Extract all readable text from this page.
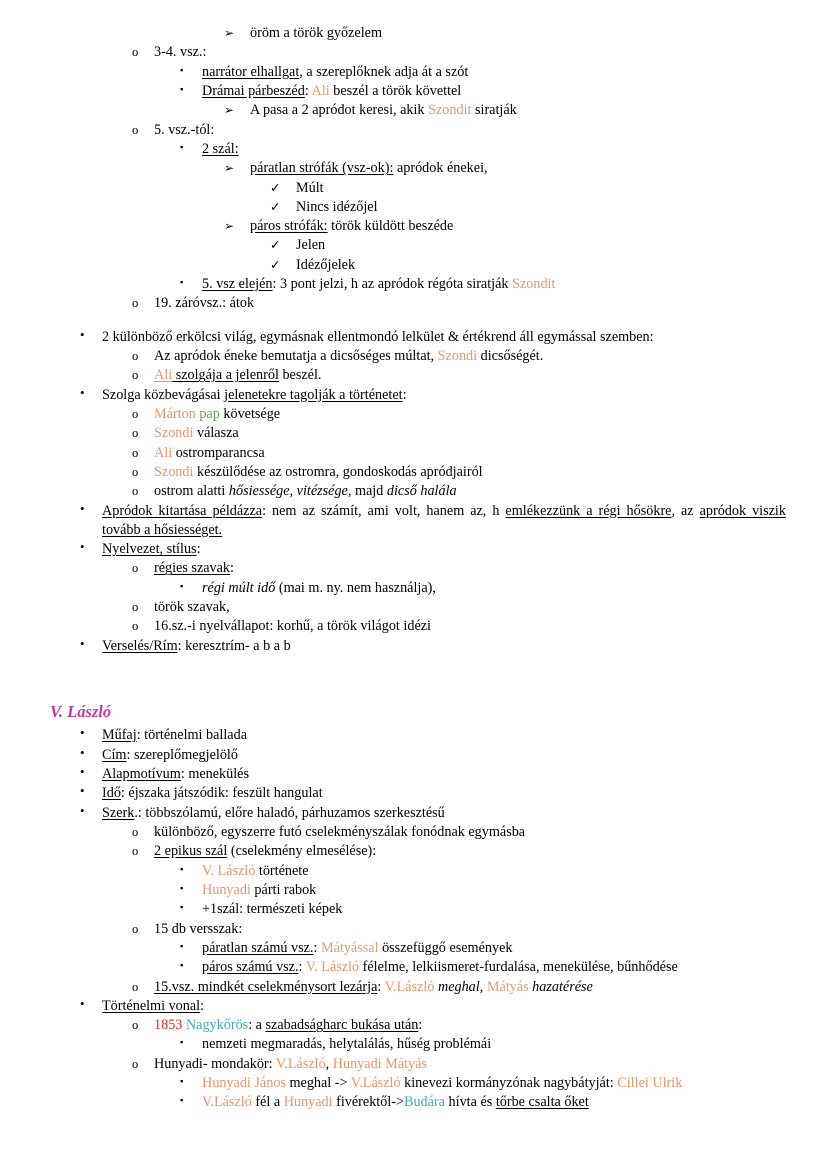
➢	öröm a török győzelem
o	3-4. vsz.:
▪	narrátor elhallgat, a szereplőknek adja át a szót
▪	Drámai párbeszéd: Ali beszél a török követtel
➢	A pasa a 2 apródot keresi, akik Szondit siratják
o	5. vsz.-tól:
▪	2 szál:
➢	páratlan strófák (vsz-ok): apródok énekei,
✓	Múlt
✓	Nincs idézőjel
➢	páros strófák: török küldött beszéde
✓	Jelen
✓	Idézőjelek
▪	5. vsz elején: 3 pont jelzi, h az apródok régóta siratják Szondit
o	19. záróvsz.: átok
•	2 különböző erkölcsi világ, egymásnak ellentmondó lelkület & értékrend áll egymással szemben:
o	Az apródok éneke bemutatja a dicsőséges múltat, Szondi dicsőségét.
o	Ali szolgája a jelenről beszél.
•	Szolga közbevágásai jelenetekre tagolják a történetet:
o	Márton pap követsége
o	Szondi válasza
o	Ali ostromparancsa
o	Szondi készülődése az ostromra, gondoskodás apródjairól
o	ostrom alatti hősiessége, vitézsége, majd dicső halála
•	Apródok kitartása példázza: nem az számít, ami volt, hanem az, h emlékezzünk a régi hősökre, az apródok viszik tovább a hősiességet.
•	Nyelvezet, stílus:
o	régies szavak:
▪	régi múlt idő (mai m. ny. nem használja),
o	török szavak,
o	16.sz.-i nyelvállapot: korhű, a török világot idézi
•	Verselés/Rím: keresztrím- a b a b
V. László
•	Műfaj: történelmi ballada
•	Cím: szereplőmegjelölő
•	Alapmotívum: menekülés
•	Idő: éjszaka játszódik: feszült hangulat
•	Szerk.: többszólamú, előre haladó, párhuzamos szerkesztésű
o	különböző, egyszerre futó cselekményszálak fonódnak egymásba
o	2 epikus szál (cselekmény elmesélése):
▪	V. László története
▪	Hunyadi párti rabok
▪	+1szál: természeti képek
o	15 db versszak:
▪	páratlan számú vsz.: Mátyással összefüggő események
▪	páros számú vsz.: V. László félelme, lelkiismeret-furdalása, menekülése, bűnhődése
o	15.vsz. mindkét cselekménysort lezárja: V.László meghal, Mátyás hazatérése
•	Történelmi vonal:
o	1853 Nagykőrös: a szabadságharc bukása után:
▪	nemzeti megmaradás, helytalálás, hűség problémái
o	Hunyadi- mondakör: V.László, Hunyadi Mátyás
▪	Hunyadi János meghal -> V.László kinevezi kormányzónak nagybátyját: Cillei Ulrik
▪	V.László fél a Hunyadi fivérektől->Budára hívta és tőrbe csalta őket
